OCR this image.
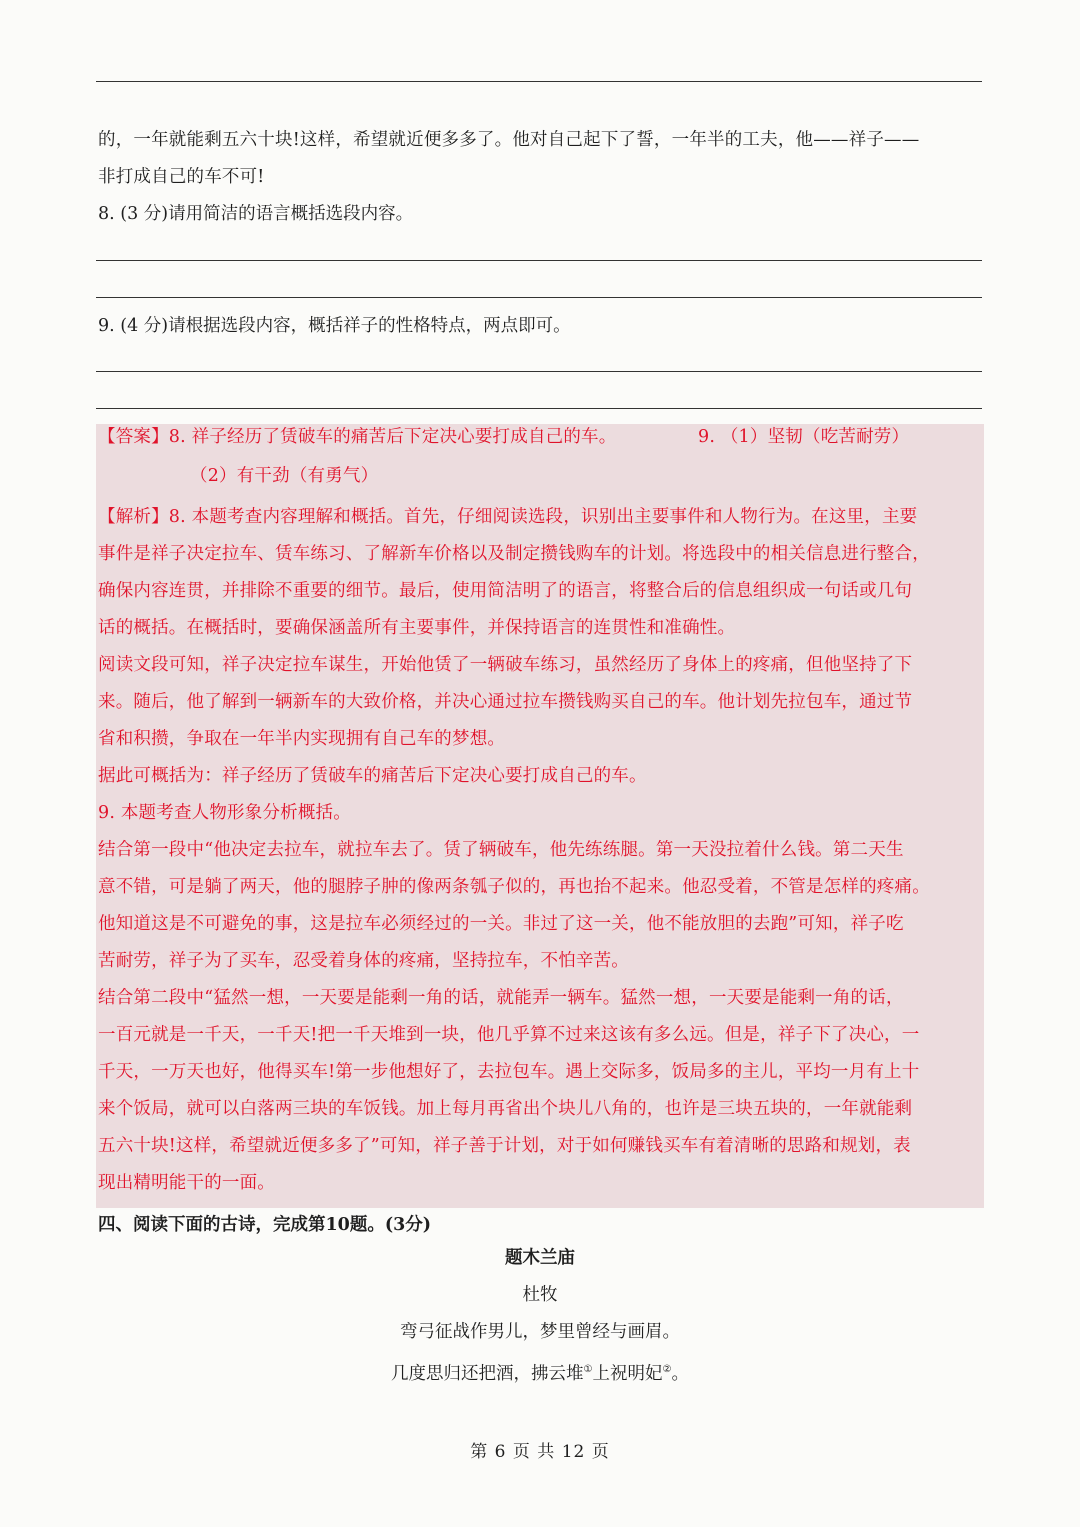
的，一年就能剩五六十块!这样，希望就近便多多了。他对自己起下了誓，一年半的工夫，他——祥子——
非打成自己的车不可!
8. (3 分)请用简洁的语言概括选段内容。
9. (4 分)请根据选段内容，概括祥子的性格特点，两点即可。
【答案】8. 祥子经历了赁破车的痛苦后下定决心要打成自己的车。	9. （1）坚韧（吃苦耐劳）
（2）有干劲（有勇气）
【解析】8. 本题考查内容理解和概括。首先，仔细阅读选段，识别出主要事件和人物行为。在这里，主要
事件是祥子决定拉车、赁车练习、了解新车价格以及制定攒钱购车的计划。将选段中的相关信息进行整合，
确保内容连贯，并排除不重要的细节。最后，使用简洁明了的语言，将整合后的信息组织成一句话或几句
话的概括。在概括时，要确保涵盖所有主要事件，并保持语言的连贯性和准确性。
阅读文段可知，祥子决定拉车谋生，开始他赁了一辆破车练习，虽然经历了身体上的疼痛，但他坚持了下
来。随后，他了解到一辆新车的大致价格，并决心通过拉车攒钱购买自己的车。他计划先拉包车，通过节
省和积攒，争取在一年半内实现拥有自己车的梦想。
据此可概括为：祥子经历了赁破车的痛苦后下定决心要打成自己的车。
9. 本题考查人物形象分析概括。
结合第一段中“他决定去拉车，就拉车去了。赁了辆破车，他先练练腿。第一天没拉着什么钱。第二天生
意不错，可是躺了两天，他的腿脖子肿的像两条瓠子似的，再也抬不起来。他忍受着，不管是怎样的疼痛。
他知道这是不可避免的事，这是拉车必须经过的一关。非过了这一关，他不能放胆的去跑”可知，祥子吃
苦耐劳，祥子为了买车，忍受着身体的疼痛，坚持拉车，不怕辛苦。
结合第二段中“猛然一想，一天要是能剩一角的话，就能弄一辆车。猛然一想，一天要是能剩一角的话，
一百元就是一千天，一千天!把一千天堆到一块，他几乎算不过来这该有多么远。但是，祥子下了决心，一
千天，一万天也好，他得买车!第一步他想好了，去拉包车。遇上交际多，饭局多的主儿，平均一月有上十
来个饭局，就可以白落两三块的车饭钱。加上每月再省出个块儿八角的，也许是三块五块的，一年就能剩
五六十块!这样，希望就近便多多了”可知，祥子善于计划，对于如何赚钱买车有着清晰的思路和规划，表
现出精明能干的一面。
四、阅读下面的古诗，完成第10题。(3分)
题木兰庙
杜牧
弯弓征战作男儿，梦里曾经与画眉。
几度思归还把酒，拂云堆①上祝明妃②。
第 6 页 共 12 页
